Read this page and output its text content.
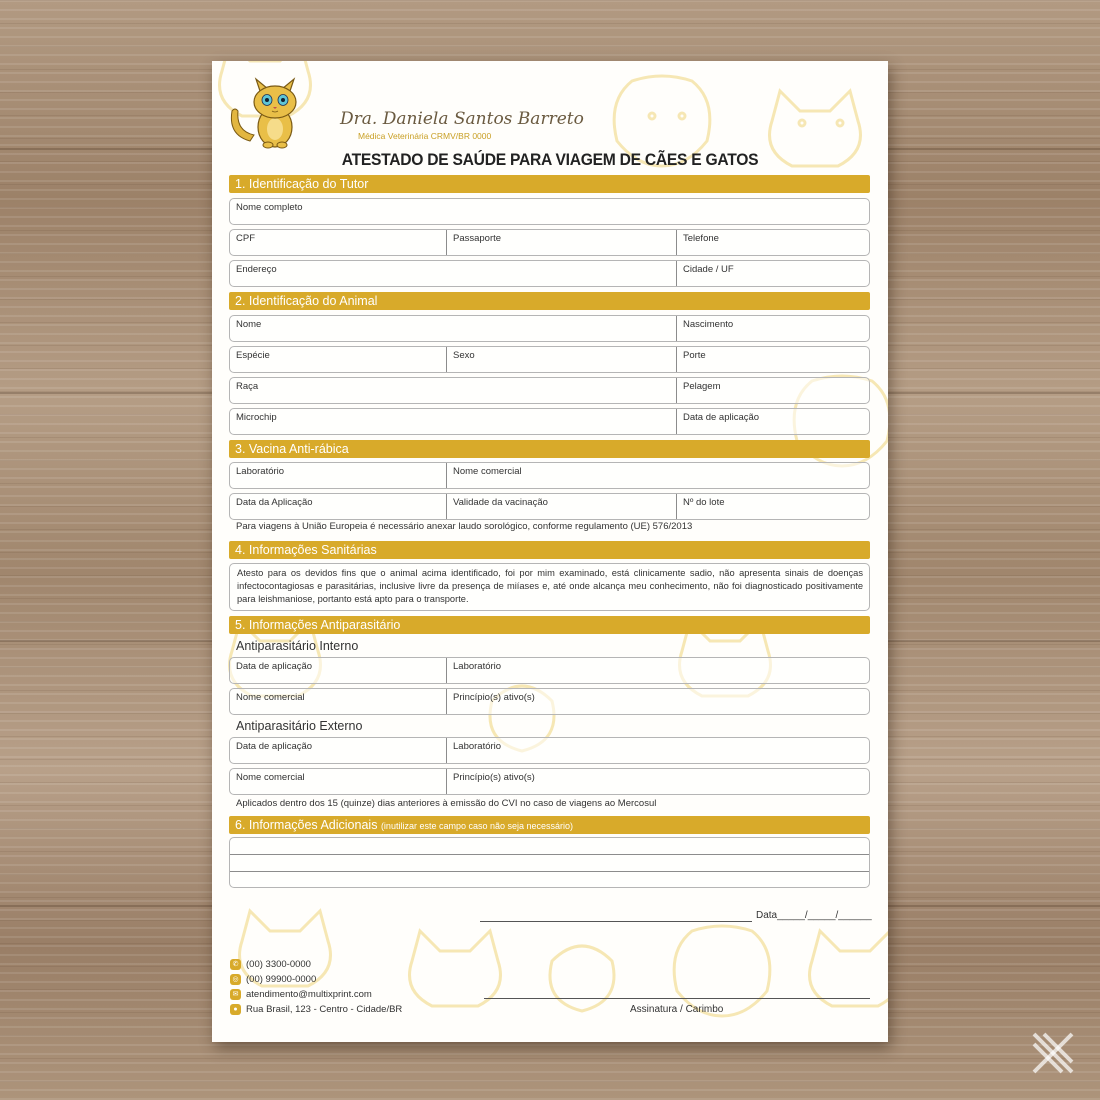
Dra. Daniela Santos Barreto
Médica Veterinária CRMV/BR 0000
ATESTADO DE SAÚDE PARA VIAGEM DE CÃES E GATOS
1. Identificação do Tutor
Nome completo
CPF	Passaporte	Telefone
Endereço	Cidade / UF
2. Identificação do Animal
Nome	Nascimento
Espécie	Sexo	Porte
Raça	Pelagem
Microchip	Data de aplicação
3. Vacina Anti-rábica
Laboratório	Nome comercial
Data da Aplicação	Validade da vacinação	Nº do lote
Para viagens à União Europeia é necessário anexar laudo sorológico, conforme regulamento (UE) 576/2013
4. Informações Sanitárias
Atesto para os devidos fins que o animal acima identificado, foi por mim examinado, está clinicamente sadio, não apresenta sinais de doenças infectocontagiosas e parasitárias, inclusive livre da presença de miíases e, até onde alcança meu conhecimento, não foi diagnosticado positivamente para leishmaniose, portanto está apto para o transporte.
5. Informações Antiparasitário
Antiparasitário Interno
Data de aplicação	Laboratório
Nome comercial	Princípio(s) ativo(s)
Antiparasitário Externo
Data de aplicação	Laboratório
Nome comercial	Princípio(s) ativo(s)
Aplicados dentro dos 15 (quinze) dias anteriores à emissão do CVI no caso de viagens ao Mercosul
6. Informações Adicionais (inutilizar este campo caso não seja necessário)
Data_____/_____/______
Assinatura / Carimbo
✆ (00) 3300-0000
◎ (00) 99900-0000
✉ atendimento@multixprint.com
● Rua Brasil, 123 - Centro - Cidade/BR
